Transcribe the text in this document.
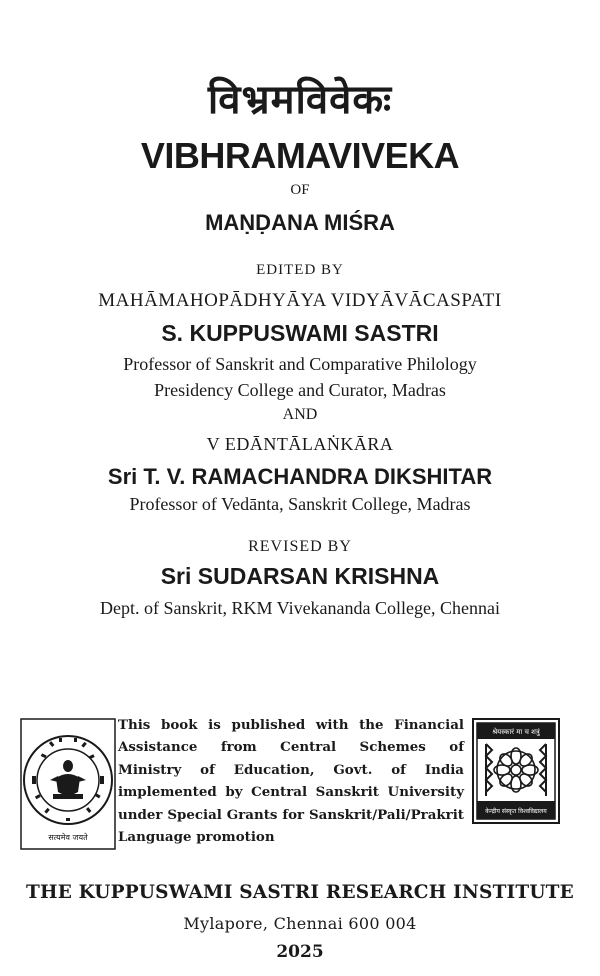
विभ्रमविवेकः
VIBHRAMAVIVEKA
OF
MAṆḌANA MIŚRA
EDITED BY
MAHĀMAHOPĀDHYĀYA VIDYĀVĀCASPATI
S. KUPPUSWAMI SASTRI
Professor of Sanskrit and Comparative Philology
Presidency College and Curator, Madras
AND
V EDĀNTĀLAṄKĀRA
Sri T. V. RAMACHANDRA DIKSHITAR
Professor of Vedānta, Sanskrit College, Madras
REVISED BY
Sri SUDARSAN KRISHNA
Dept. of Sanskrit, RKM Vivekananda College, Chennai
सत्यमेव जयते
This book is published with the Financial
Assistance from Central Schemes of
Ministry of Education, Govt. of India
implemented by Central Sanskrit University
under Special Grants for Sanskrit/Pali/Prakrit
Language promotion
श्रेयस्कारं मा च शत्रुं
केन्द्रीय संस्कृत विश्वविद्यालय
THE KUPPUSWAMI SASTRI RESEARCH INSTITUTE
Mylapore, Chennai 600 004
2025
